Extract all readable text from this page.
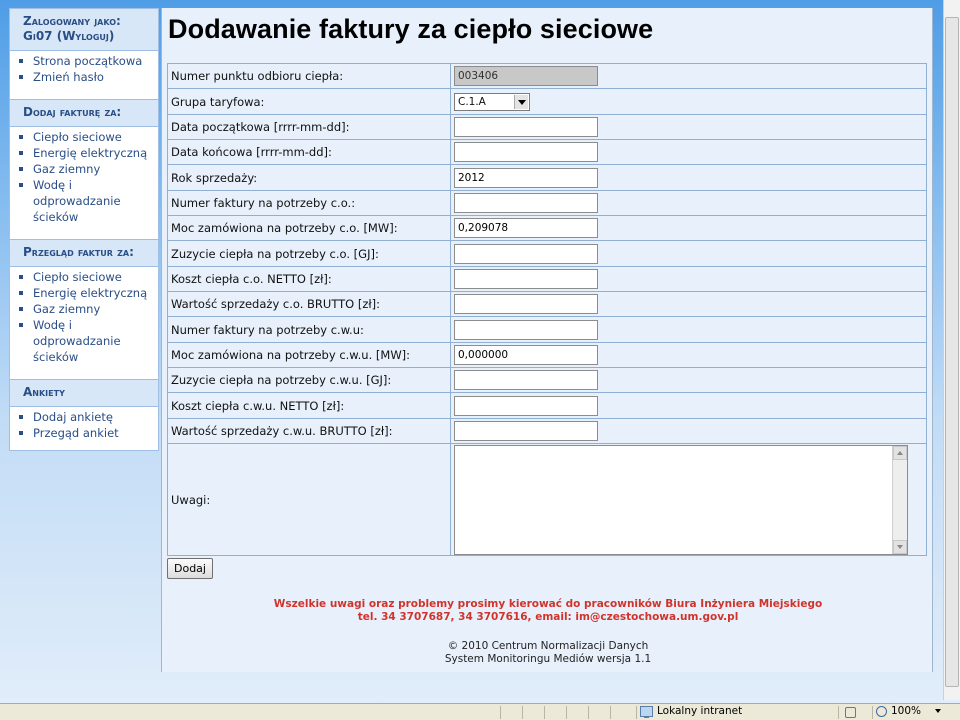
Zalogowany jako: Gi07 (Wyloguj)
Strona początkowa
Zmień hasło
Dodaj fakturę za:
Ciepło sieciowe
Energię elektryczną
Gaz ziemny
Wodę i odprowadzanie ścieków
Przegląd faktur za:
Ciepło sieciowe
Energię elektryczną
Gaz ziemny
Wodę i odprowadzanie ścieków
Ankiety
Dodaj ankietę
Przegąd ankiet
Dodawanie faktury za ciepło sieciowe
Numer punktu odbioru ciepła:	003406
Grupa taryfowa:	C.1.A

Data początkowa [rrrr-mm-dd]:	
Data końcowa [rrrr-mm-dd]:	
Rok sprzedaży:	2012
Numer faktury na potrzeby c.o.:	
Moc zamówiona na potrzeby c.o. [MW]:	0,209078
Zuzycie ciepła na potrzeby c.o. [GJ]:	
Koszt ciepła c.o. NETTO [zł]:	
Wartość sprzedaży c.o. BRUTTO [zł]:	
Numer faktury na potrzeby c.w.u:	
Moc zamówiona na potrzeby c.w.u. [MW]:	0,000000
Zuzycie ciepła na potrzeby c.w.u. [GJ]:	
Koszt ciepła c.w.u. NETTO [zł]:	
Wartość sprzedaży c.w.u. BRUTTO [zł]:	
Uwagi:	
Dodaj
Wszelkie uwagi oraz problemy prosimy kierować do pracowników Biura Inżyniera Miejskiego
tel. 34 3707687, 34 3707616, email: im@czestochowa.um.gov.pl
© 2010 Centrum Normalizacji Danych
System Monitoringu Mediów wersja 1.1
Lokalny intranet	100%
